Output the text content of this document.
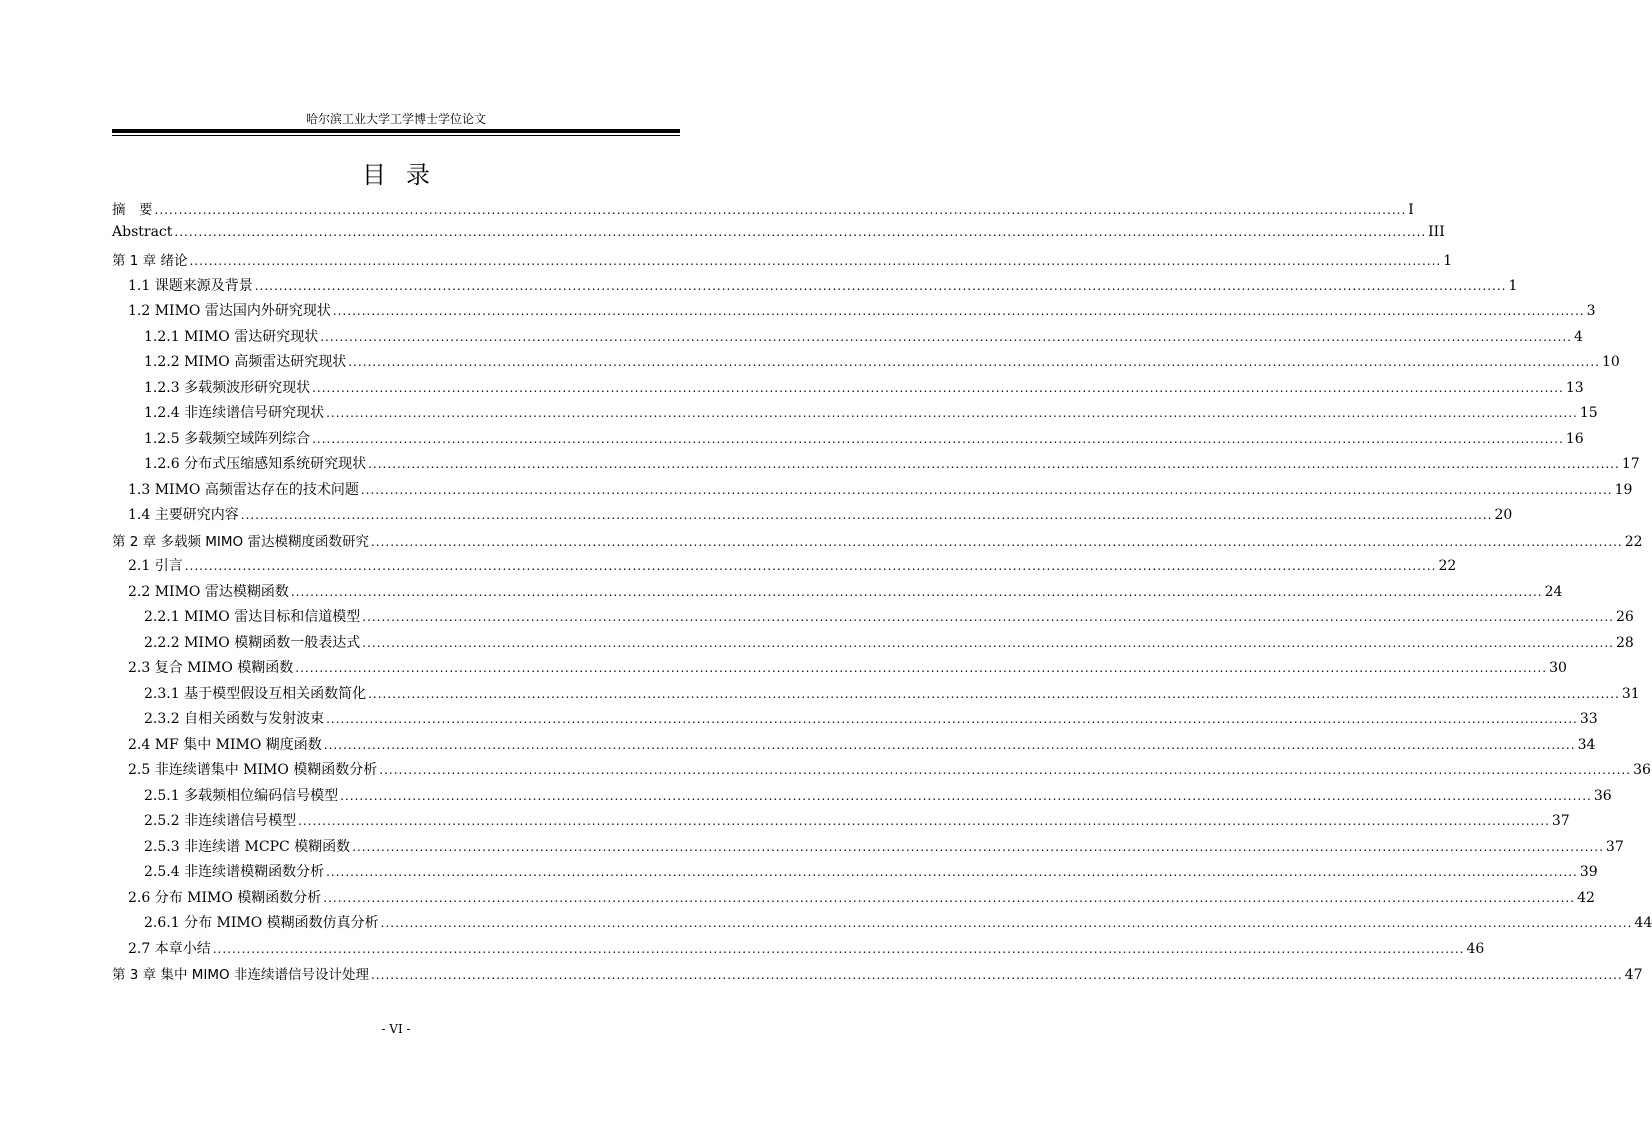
哈尔滨工业大学工学博士学位论文
目录
摘　要 .................................................................................................................................................................................................................................................................... I
Abstract .................................................................................................................................................................................................................................................................... III
第 1 章 绪论 .................................................................................................................................................................................................................................................................... 1
1.1 课题来源及背景 .................................................................................................................................................................................................................................................................... 1
1.2 MIMO 雷达国内外研究现状 .................................................................................................................................................................................................................................................................... 3
1.2.1 MIMO 雷达研究现状 .................................................................................................................................................................................................................................................................... 4
1.2.2 MIMO 高频雷达研究现状 .................................................................................................................................................................................................................................................................... 10
1.2.3 多载频波形研究现状 .................................................................................................................................................................................................................................................................... 13
1.2.4 非连续谱信号研究现状 .................................................................................................................................................................................................................................................................... 15
1.2.5 多载频空域阵列综合 .................................................................................................................................................................................................................................................................... 16
1.2.6 分布式压缩感知系统研究现状 .................................................................................................................................................................................................................................................................... 17
1.3 MIMO 高频雷达存在的技术问题 .................................................................................................................................................................................................................................................................... 19
1.4 主要研究内容 .................................................................................................................................................................................................................................................................... 20
第 2 章 多载频 MIMO 雷达模糊度函数研究 .................................................................................................................................................................................................................................................................... 22
2.1 引言 .................................................................................................................................................................................................................................................................... 22
2.2 MIMO 雷达模糊函数 .................................................................................................................................................................................................................................................................... 24
2.2.1 MIMO 雷达目标和信道模型 .................................................................................................................................................................................................................................................................... 26
2.2.2 MIMO 模糊函数一般表达式 .................................................................................................................................................................................................................................................................... 28
2.3 复合 MIMO 模糊函数 .................................................................................................................................................................................................................................................................... 30
2.3.1 基于模型假设互相关函数简化 .................................................................................................................................................................................................................................................................... 31
2.3.2 自相关函数与发射波束 .................................................................................................................................................................................................................................................................... 33
2.4 MF 集中 MIMO 糊度函数 .................................................................................................................................................................................................................................................................... 34
2.5 非连续谱集中 MIMO 模糊函数分析 .................................................................................................................................................................................................................................................................... 36
2.5.1 多载频相位编码信号模型 .................................................................................................................................................................................................................................................................... 36
2.5.2 非连续谱信号模型 .................................................................................................................................................................................................................................................................... 37
2.5.3 非连续谱 MCPC 模糊函数 .................................................................................................................................................................................................................................................................... 37
2.5.4 非连续谱模糊函数分析 .................................................................................................................................................................................................................................................................... 39
2.6 分布 MIMO 模糊函数分析 .................................................................................................................................................................................................................................................................... 42
2.6.1 分布 MIMO 模糊函数仿真分析 .................................................................................................................................................................................................................................................................... 44
2.7 本章小结 .................................................................................................................................................................................................................................................................... 46
第 3 章 集中 MIMO 非连续谱信号设计处理 .................................................................................................................................................................................................................................................................... 47
- VI -
